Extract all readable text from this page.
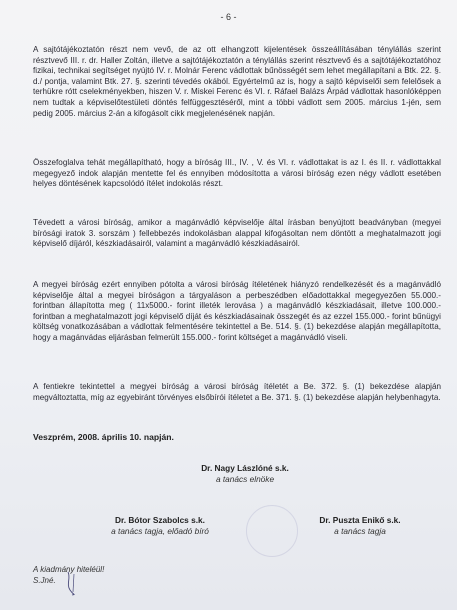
- 6 -

A sajtótájékoztatón részt nem vevő, de az ott elhangzott kijelentések összeállításában ténylállás szerint résztvevő III. r. dr. Haller Zoltán, illetve a sajtótájékoztatón a ténylállás szerint résztvevő és a sajtótájékoztatóhoz fizikai, technikai segítséget nyújtó IV. r. Molnár Ferenc vádlottak bűnösségét sem lehet megállapítani a Btk. 22. §. d./ pontja, valamint Btk. 27. §. szerinti tévedés okából. Egyértelmű az is, hogy a sajtó képviselői sem felelősek a terhükre rótt cselekményekben, hiszen V. r. Miskei Ferenc és VI. r. Ráfael Balázs Árpád vádlottak hasonlóképpen nem tudtak a képviselőtestületi döntés felfüggesztéséről, mint a többi vádlott sem 2005. március 1-jén, sem pedig 2005. március 2-án a kifogásolt cikk megjelenésének napján.

Összefoglalva tehát megállapítható, hogy a bíróság III., IV. , V. és VI. r. vádlottakat is az I. és II. r. vádlottakkal megegyező indok alapján mentette fel és ennyiben módosította a városi bíróság ezen négy vádlott esetében helyes döntésének kapcsolódó ítélet indokolás részt.

Tévedett a városi bíróság, amikor a magánvádló képviselője által írásban benyújtott beadványban (megyei bírósági iratok 3. sorszám ) fellebbezés indokolásban alappal kifogásoltan nem döntött a meghatalmazott jogi képviselő díjáról, készkiadásairól, valamint a magánvádló készkiadásairól.

A megyei bíróság ezért ennyiben pótolta a városi bíróság ítéletének hiányzó rendelkezését és a magánvádló képviselője által a megyei bíróságon a tárgyaláson a perbeszédben előadottakkal megegyezően 55.000.-forintban állapította meg ( 11x5000.- forint illeték lerovása ) a magánvádló készkiadásait, illetve 100.000.- forintban a meghatalmazott jogi képviselő díját és készkiadásainak összegét és az ezzel 155.000.- forint bűnügyi költség vonatkozásában a vádlottak felmentésére tekintettel a Be. 514. §. (1) bekezdése alapján megállapította, hogy a magánvádas eljárásban felmerült 155.000.- forint költséget a magánvádló viseli.

A fentiekre tekintettel a megyei bíróság a városi bíróság ítéletét a Be. 372. §. (1) bekezdése alapján megváltoztatta, míg az egyebiránt törvényes elsőbírói ítéletet a Be. 371. §. (1) bekezdése alapján helybenhagyta.

Veszprém, 2008. április 10. napján.
Dr. Nagy Lászlóné s.k.
a tanács elnöke
Dr. Bótor Szabolcs s.k.
a tanács tagja, előadó bíró
Dr. Puszta Enikő s.k.
a tanács tagja
A kiadmány hiteléül!
S.Jné.
